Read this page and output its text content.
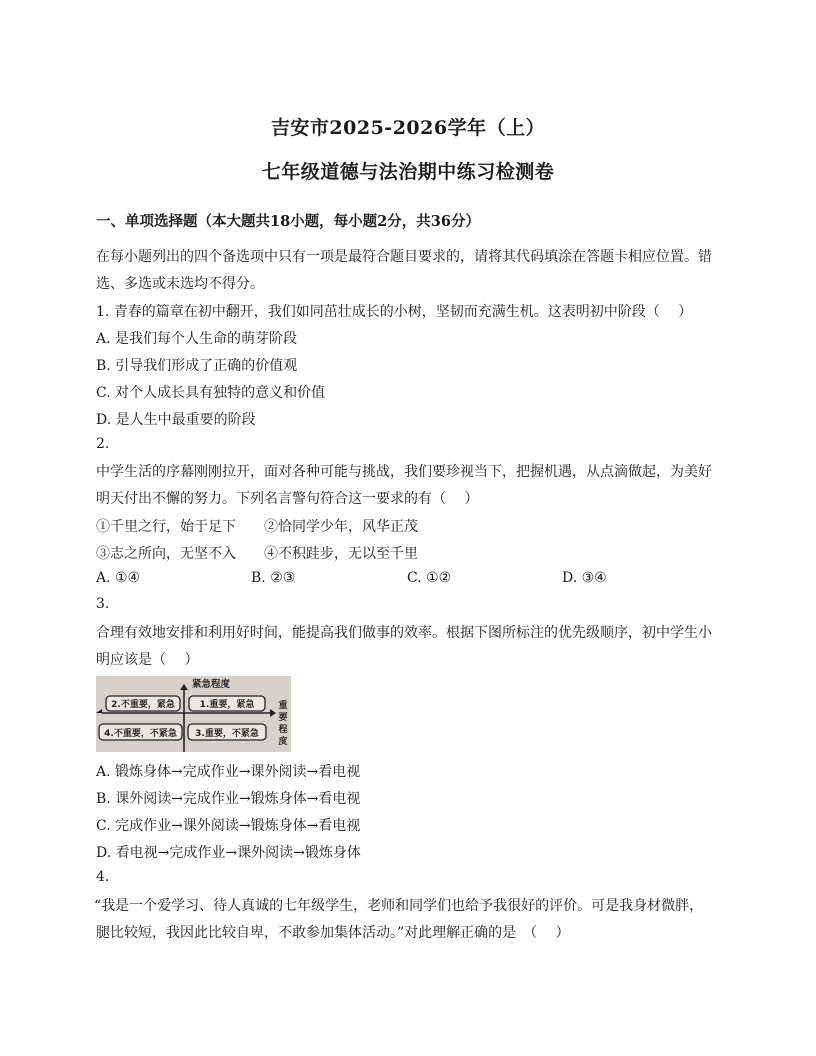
吉安市2025-2026学年（上）
七年级道德与法治期中练习检测卷
一、单项选择题（本大题共18小题，每小题2分，共36分）
在每小题列出的四个备选项中只有一项是最符合题目要求的，请将其代码填涂在答题卡相应位置。错
选、多选或未选均不得分。
1. 青春的篇章在初中翻开，我们如同茁壮成长的小树，坚韧而充满生机。这表明初中阶段（　 ）
A. 是我们每个人生命的萌芽阶段
B. 引导我们形成了正确的价值观
C. 对个人成长具有独特的意义和价值
D. 是人生中最重要的阶段
2.
中学生活的序幕刚刚拉开，面对各种可能与挑战，我们要珍视当下，把握机遇，从点滴做起，为美好
明天付出不懈的努力。下列名言警句符合这一要求的有（　 ）
①千里之行，始于足下　　②恰同学少年，风华正茂
③志之所向，无坚不入　　④不积跬步，无以至千里
A. ①④	B. ②③	C. ①②	D. ③④
3.
合理有效地安排和利用好时间，能提高我们做事的效率。根据下图所标注的优先级顺序，初中学生小
明应该是（　 ）
紧急程度
2.不重要，紧急	1.重要，紧急
4.不重要，不紧急 3.重要，不紧急
重
要
程
度
A. 锻炼身体→完成作业→课外阅读→看电视
B. 课外阅读→完成作业→锻炼身体→看电视
C. 完成作业→课外阅读→锻炼身体→看电视
D. 看电视→完成作业→课外阅读→锻炼身体
4.
“我是一个爱学习、待人真诚的七年级学生，老师和同学们也给予我很好的评价。可是我身材微胖，
腿比较短，我因此比较自卑，不敢参加集体活动。”对此理解正确的是　（　 ）
